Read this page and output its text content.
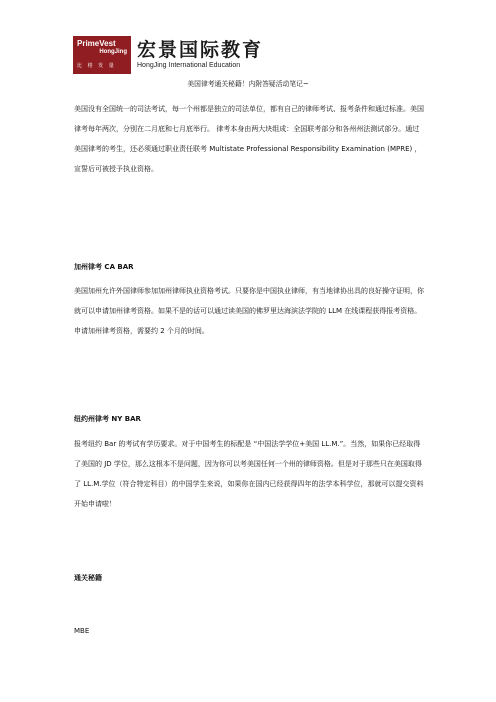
PrimeVest
HongJing
比 格 发 量
宏景国际教育
HongJing International Education
美国律考通关秘籍！内附答疑活动笔记~

美国没有全国统一的司法考试，每一个州都是独立的司法单位，都有自己的律师考试、报考条件和通过标准。美国律考每年两次，分别在二月底和七月底举行。 律考本身由两大块组成：全国联考部分和各州州法测试部分。通过美国律考的考生，还必须通过职业责任联考 Multistate Professional Responsibility Examination (MPRE) ，宣誓后可被授予执业资格。

加州律考 CA BAR

美国加州允许外国律师参加加州律师执业资格考试。只要你是中国执业律师，有当地律协出具的良好操守证明，你就可以申请加州律考资格。如果不是的话可以通过读美国的佛罗里达海滨法学院的 LLM 在线课程获得报考资格。申请加州律考资格，需要约 2 个月的时间。

纽约州律考 NY BAR

报考纽约 Bar 的考试有学历要求。对于中国考生的标配是 “中国法学学位+美国 LL.M.”。当然，如果你已经取得了美国的 JD 学位，那么这根本不是问题，因为你可以考美国任何一个州的律师资格。但是对于那些只在美国取得了 LL.M.学位（符合特定科目）的中国学生来说，如果你在国内已经获得四年的法学本科学位，那就可以提交资料开始申请啦！

通关秘籍
MBE
